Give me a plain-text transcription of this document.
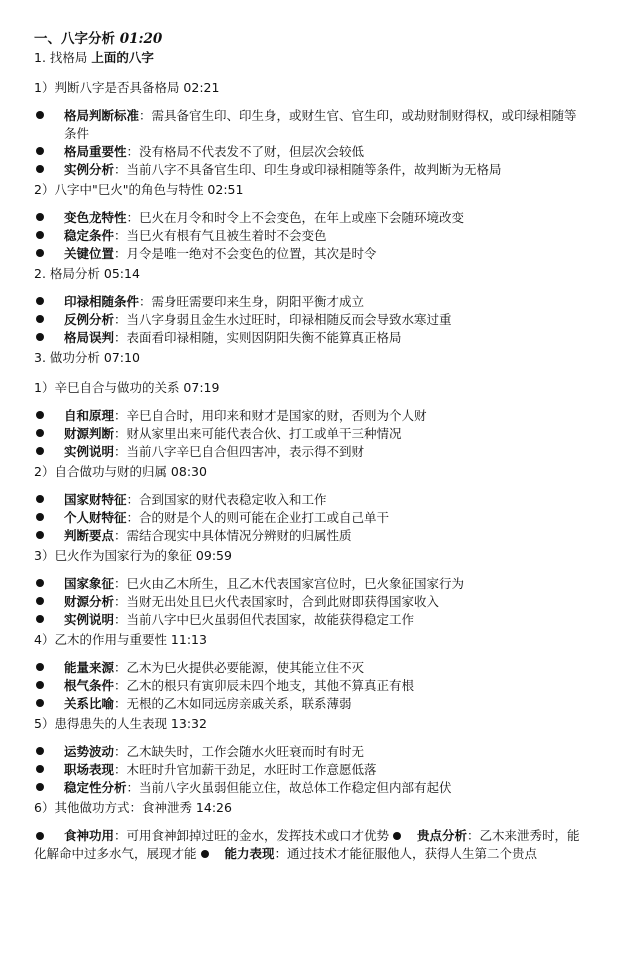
一、八字分析 01:20
1. 找格局 上面的八字
1）判断八字是否具备格局 02:21
格局判断标准：需具备官生印、印生身，或财生官、官生印，或劫财制财得权，或印绿相随等条件
格局重要性：没有格局不代表发不了财，但层次会较低
实例分析：当前八字不具备官生印、印生身或印禄相随等条件，故判断为无格局
2）八字中"巳火"的角色与特性 02:51
变色龙特性：巳火在月令和时令上不会变色，在年上或座下会随环境改变
稳定条件：当巳火有根有气且被生着时不会变色
关键位置：月令是唯一绝对不会变色的位置，其次是时令
2. 格局分析 05:14
印禄相随条件：需身旺需要印来生身，阴阳平衡才成立
反例分析：当八字身弱且金生水过旺时，印禄相随反而会导致水寒过重
格局误判：表面看印禄相随，实则因阴阳失衡不能算真正格局
3. 做功分析 07:10
1）辛巳自合与做功的关系 07:19
自和原理：辛巳自合时，用印来和财才是国家的财，否则为个人财
财源判断：财从家里出来可能代表合伙、打工或单干三种情况
实例说明：当前八字辛巳自合但四害冲，表示得不到财
2）自合做功与财的归属 08:30
国家财特征：合到国家的财代表稳定收入和工作
个人财特征：合的财是个人的则可能在企业打工或自己单干
判断要点：需结合现实中具体情况分辨财的归属性质
3）巳火作为国家行为的象征 09:59
国家象征：巳火由乙木所生，且乙木代表国家宫位时，巳火象征国家行为
财源分析：当财无出处且巳火代表国家时，合到此财即获得国家收入
实例说明：当前八字中巳火虽弱但代表国家，故能获得稳定工作
4）乙木的作用与重要性 11:13
能量来源：乙木为巳火提供必要能源，使其能立住不灭
根气条件：乙木的根只有寅卯辰未四个地支，其他不算真正有根
关系比喻：无根的乙木如同远房亲戚关系，联系薄弱
5）患得患失的人生表现 13:32
运势波动：乙木缺失时，工作会随水火旺衰而时有时无
职场表现：木旺时升官加薪干劲足，水旺时工作意愿低落
稳定性分析：当前八字火虽弱但能立住，故总体工作稳定但内部有起伏
6）其他做功方式：食神泄秀 14:26
食神功用：可用食神卸掉过旺的金水，发挥技术或口才优势 贵点分析：乙木来泄秀时，能化解命中过多水气，展现才能 能力表现：通过技术才能征服他人，获得人生第二个贵点
